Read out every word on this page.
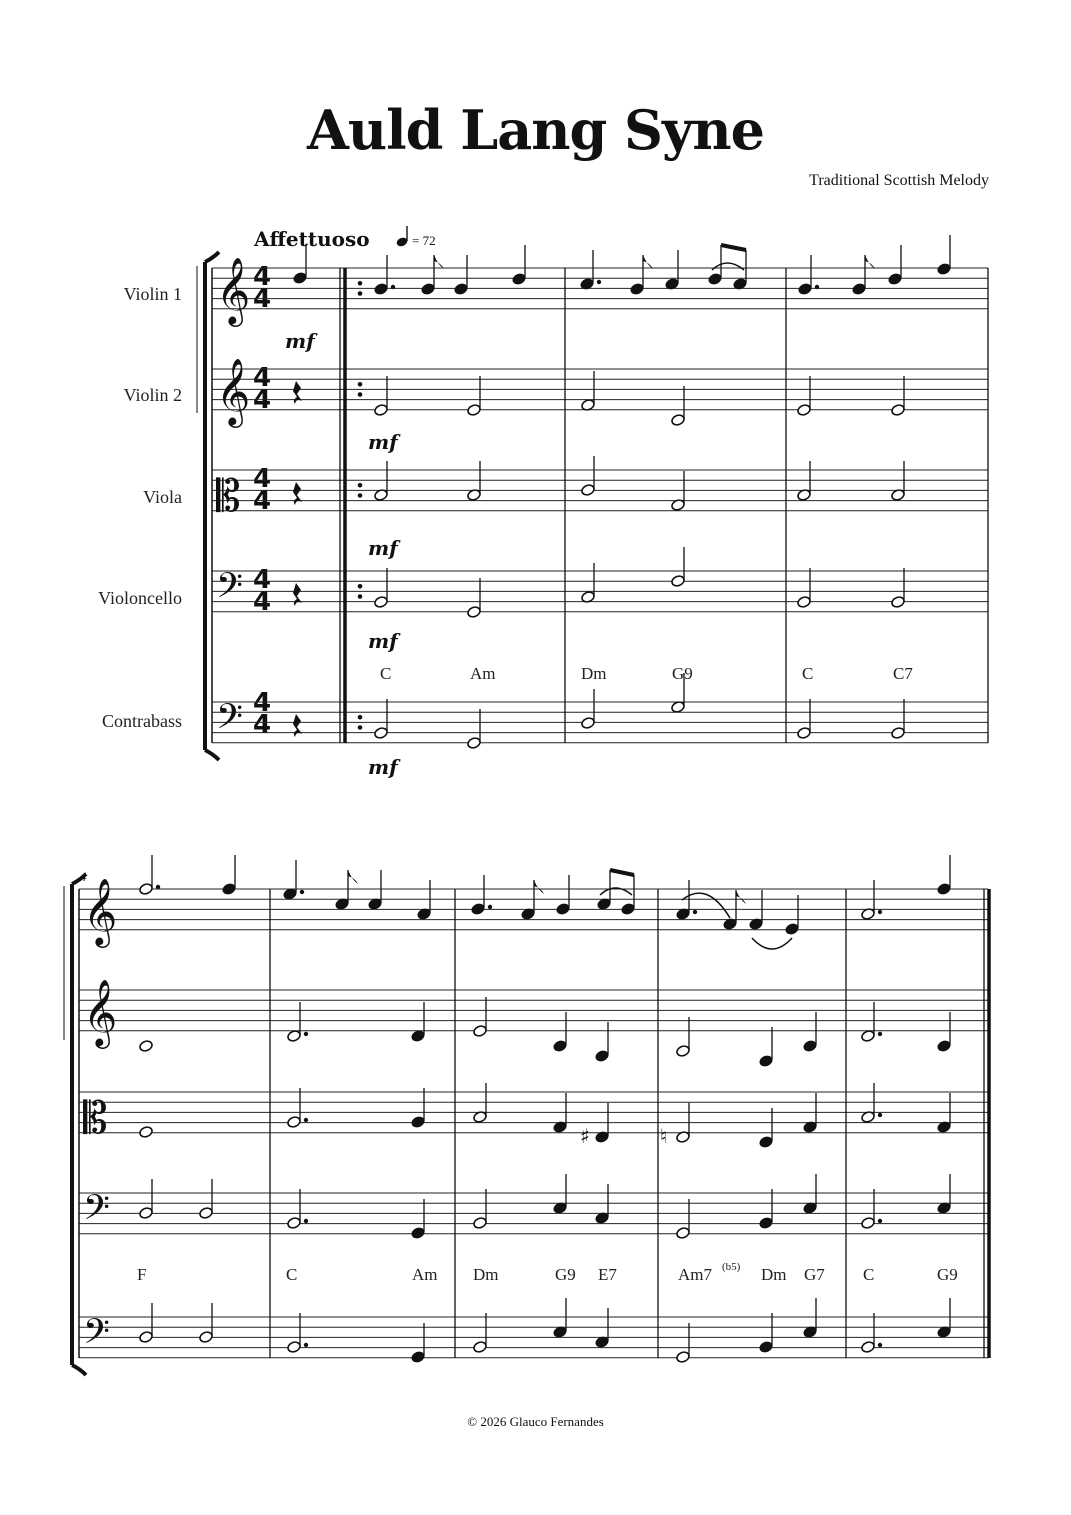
Auld Lang Syne
Traditional Scottish Melody
© 2026 Glauco Fernandes
Affettuoso	= 72
Violin 1
Violin 2
Viola
Violoncello
Contrabass
4
4
4
4
4
4
4
4
4
4
4
mf
mf
mf
mf
mf
C	Am	Dm	G9	C	C7
F	C	Am Dm	G9 E7	Am7 (b5) Dm G7 C	G9
𝄞
𝄞
𝄡
𝄢
𝄢
𝄞
𝄞
𝄡
𝄢
𝄢
♯	♮
